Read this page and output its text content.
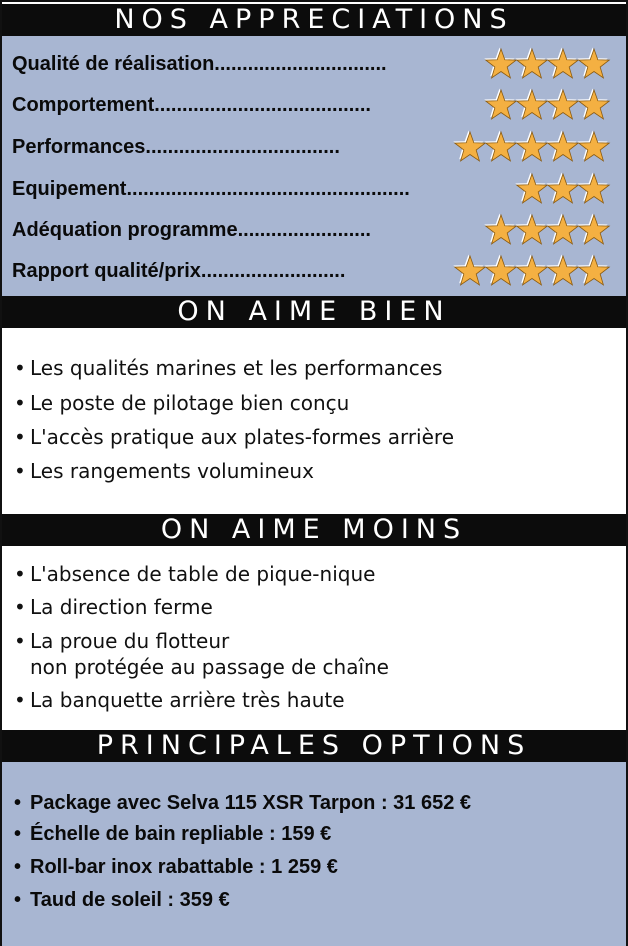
NOS APPRECIATIONS
Qualité de réalisation ...............................
Comportement .......................................
Performances ...................................
Equipement ...................................................
Adéquation programme ........................
Rapport qualité/prix ..........................
ON AIME BIEN
• Les qualités marines et les performances
• Le poste de pilotage bien conçu
• L'accès pratique aux plates-formes arrière
• Les rangements volumineux
ON AIME MOINS
• L'absence de table de pique-nique
• La direction ferme
• La proue du flotteur
non protégée au passage de chaîne
• La banquette arrière très haute
PRINCIPALES OPTIONS
• Package avec Selva 115 XSR Tarpon : 31 652 €
• Échelle de bain repliable : 159 €
• Roll-bar inox rabattable : 1 259 €
• Taud de soleil : 359 €
